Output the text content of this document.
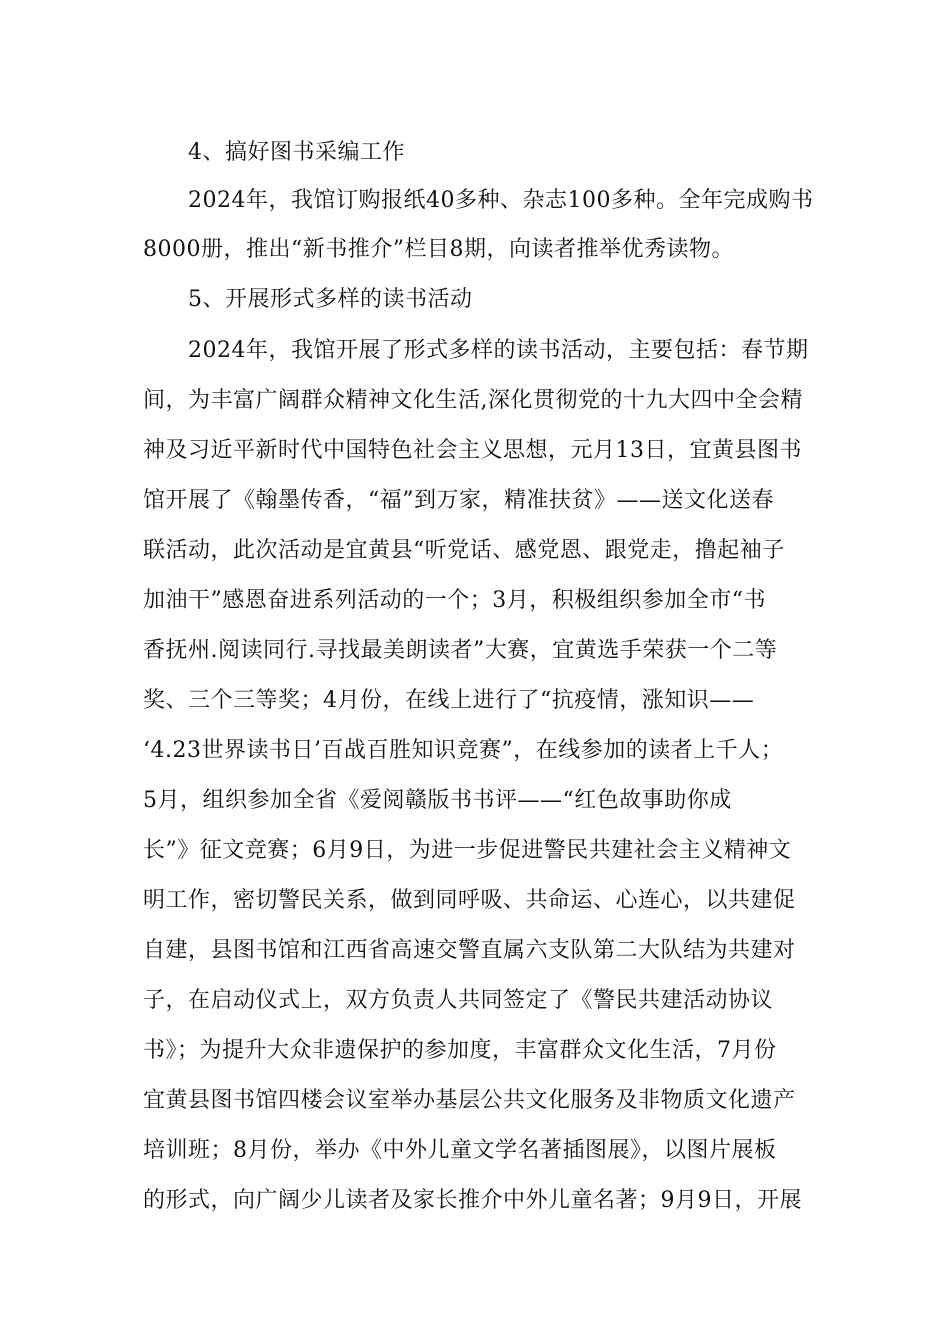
4、搞好图书采编工作
2024年，我馆订购报纸40多种、杂志100多种。全年完成购书
8000册，推出“新书推介”栏目8期，向读者推举优秀读物。
5、开展形式多样的读书活动
2024年，我馆开展了形式多样的读书活动，主要包括：春节期
间，为丰富广阔群众精神文化生活,深化贯彻党的十九大四中全会精
神及习近平新时代中国特色社会主义思想，元月13日，宜黄县图书
馆开展了《翰墨传香，“福”到万家，精准扶贫》——送文化送春
联活动，此次活动是宜黄县“听党话、感党恩、跟党走，撸起袖子
加油干”感恩奋进系列活动的一个；3月，积极组织参加全市“书
香抚州.阅读同行.寻找最美朗读者”大赛，宜黄选手荣获一个二等
奖、三个三等奖；4月份，在线上进行了“抗疫情，涨知识——
‘4.23世界读书日’百战百胜知识竞赛”，在线参加的读者上千人；
5月，组织参加全省《爱阅赣版书书评——“红色故事助你成
长”》征文竞赛；6月9日，为进一步促进警民共建社会主义精神文
明工作，密切警民关系，做到同呼吸、共命运、心连心，以共建促
自建，县图书馆和江西省高速交警直属六支队第二大队结为共建对
子，在启动仪式上，双方负责人共同签定了《警民共建活动协议
书》；为提升大众非遗保护的参加度，丰富群众文化生活，7月份
宜黄县图书馆四楼会议室举办基层公共文化服务及非物质文化遗产
培训班；8月份，举办《中外儿童文学名著插图展》，以图片展板
的形式，向广阔少儿读者及家长推介中外儿童名著；9月9日，开展
